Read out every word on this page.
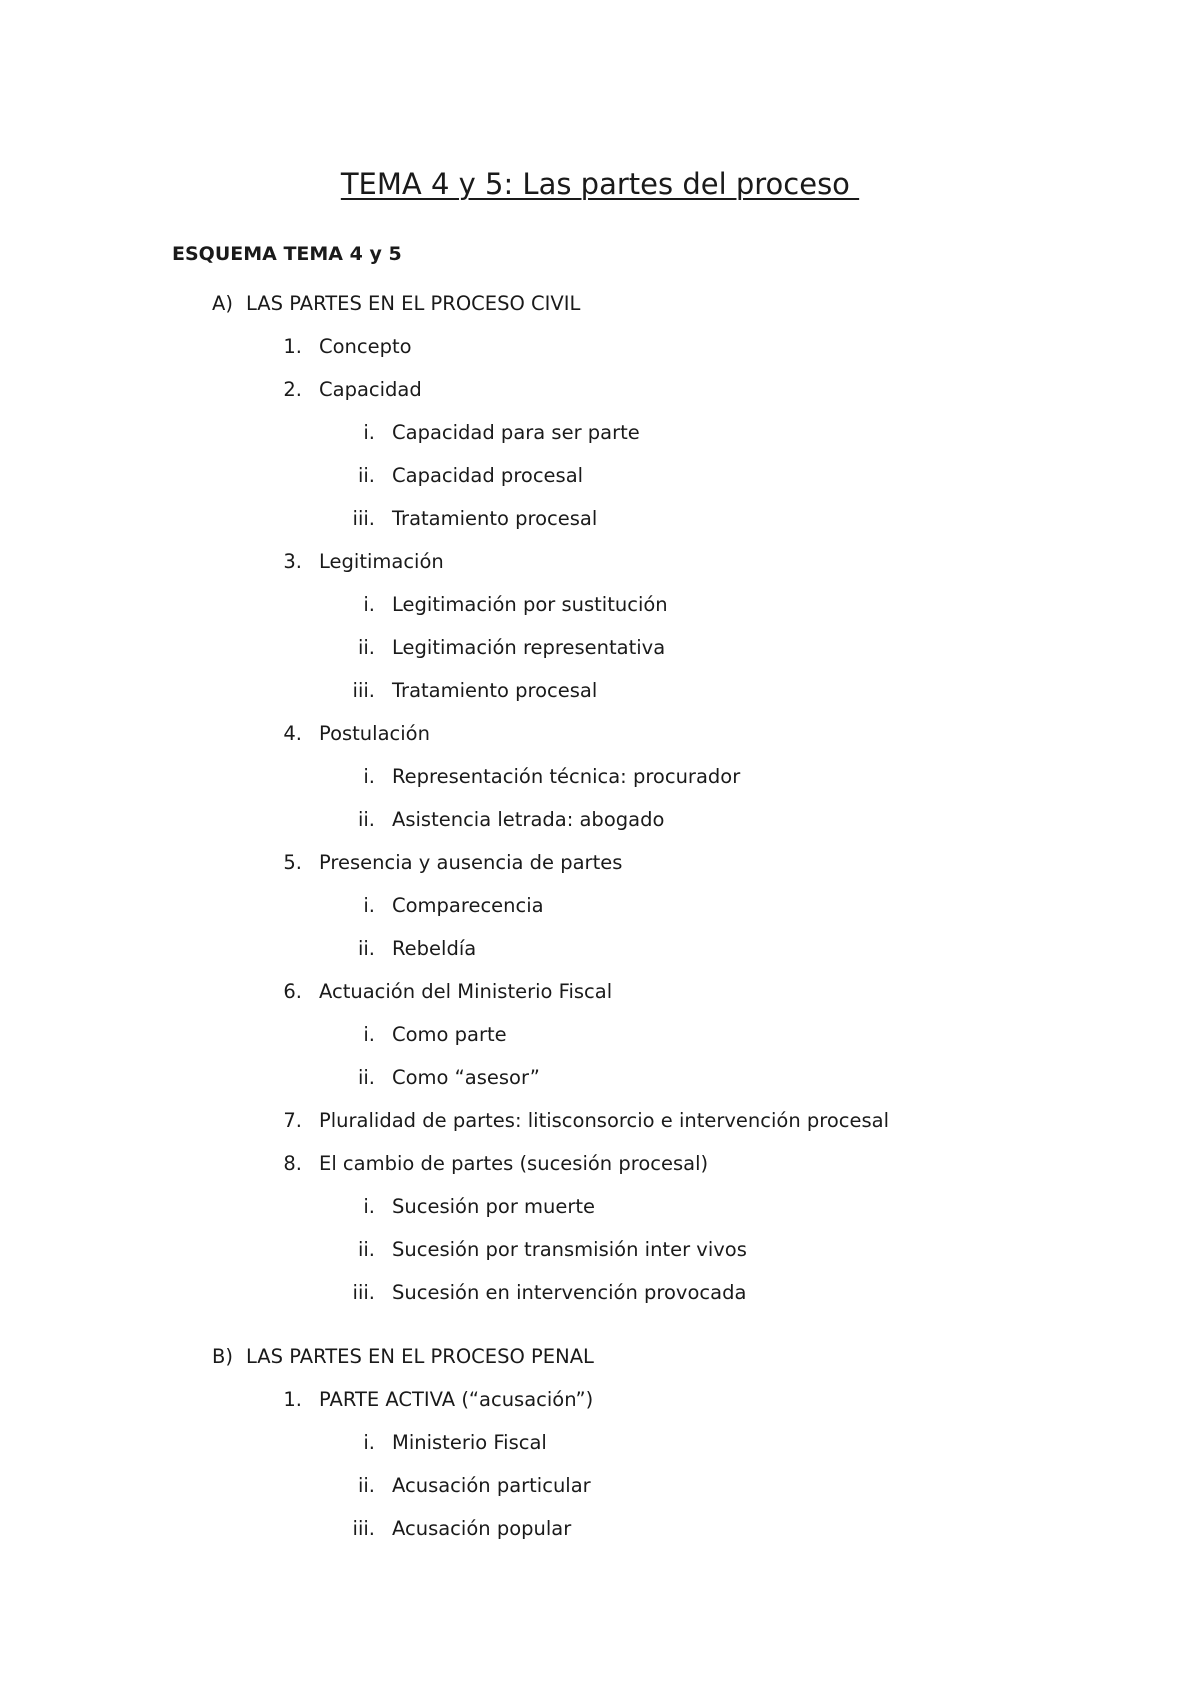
TEMA 4 y 5: Las partes del proceso
ESQUEMA TEMA 4 y 5
A) LAS PARTES EN EL PROCESO CIVIL
1. Concepto
2. Capacidad
i. Capacidad para ser parte
ii. Capacidad procesal
iii. Tratamiento procesal
3. Legitimación
i. Legitimación por sustitución
ii. Legitimación representativa
iii. Tratamiento procesal
4. Postulación
i. Representación técnica: procurador
ii. Asistencia letrada: abogado
5. Presencia y ausencia de partes
i. Comparecencia
ii. Rebeldía
6. Actuación del Ministerio Fiscal
i. Como parte
ii. Como “asesor”
7. Pluralidad de partes: litisconsorcio e intervención procesal
8. El cambio de partes (sucesión procesal)
i. Sucesión por muerte
ii. Sucesión por transmisión inter vivos
iii. Sucesión en intervención provocada
B) LAS PARTES EN EL PROCESO PENAL
1. PARTE ACTIVA (“acusación”)
i. Ministerio Fiscal
ii. Acusación particular
iii. Acusación popular
